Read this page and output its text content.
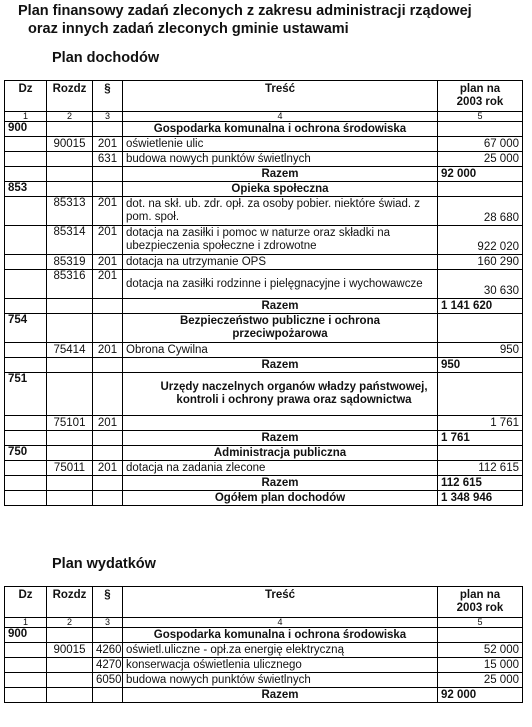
Plan finansowy zadań zleconych z zakresu administracji rządowej
oraz innych zadań zleconych gminie ustawami
Plan dochodów
Dz	Rozdz	§	Treść	plan na
2003 rok
1	2	3	4	5
900			Gospodarka komunalna i ochrona środowiska	
	90015	201	oświetlenie ulic	67 000
		631	budowa nowych punktów świetlnych	25 000
			Razem	92 000
853			Opieka społeczna	
	85313	201	dot. na skł. ub. zdr. opł. za osoby pobier. niektóre świad. z pom. społ.	28 680
	85314	201	dotacja na zasiłki i pomoc w naturze oraz składki na ubezpieczenia społeczne i zdrowotne	922 020
	85319	201	dotacja na utrzymanie OPS	160 290
	85316	201	dotacja na zasiłki rodzinne i pielęgnacyjne i wychowawcze	30 630
			Razem	1 141 620
754			Bezpieczeństwo publiczne i ochrona przeciwpożarowa	
	75414	201	Obrona Cywilna	950
			Razem	950
751			Urzędy naczelnych organów władzy państwowej, kontroli i ochrony prawa oraz sądownictwa	
	75101	201		1 761
			Razem	1 761
750			Administracja publiczna	
	75011	201	dotacja na zadania zlecone	112 615
			Razem	112 615
			Ogółem plan dochodów	1 348 946
Plan wydatków
Dz	Rozdz	§	Treść	plan na
2003 rok
1	2	3	4	5
900			Gospodarka komunalna i ochrona środowiska	
	90015	4260	oświetl.uliczne - opł.za energię elektryczną	52 000
		4270	konserwacja oświetlenia ulicznego	15 000
		6050	budowa nowych punktów świetlnych	25 000
			Razem	92 000
